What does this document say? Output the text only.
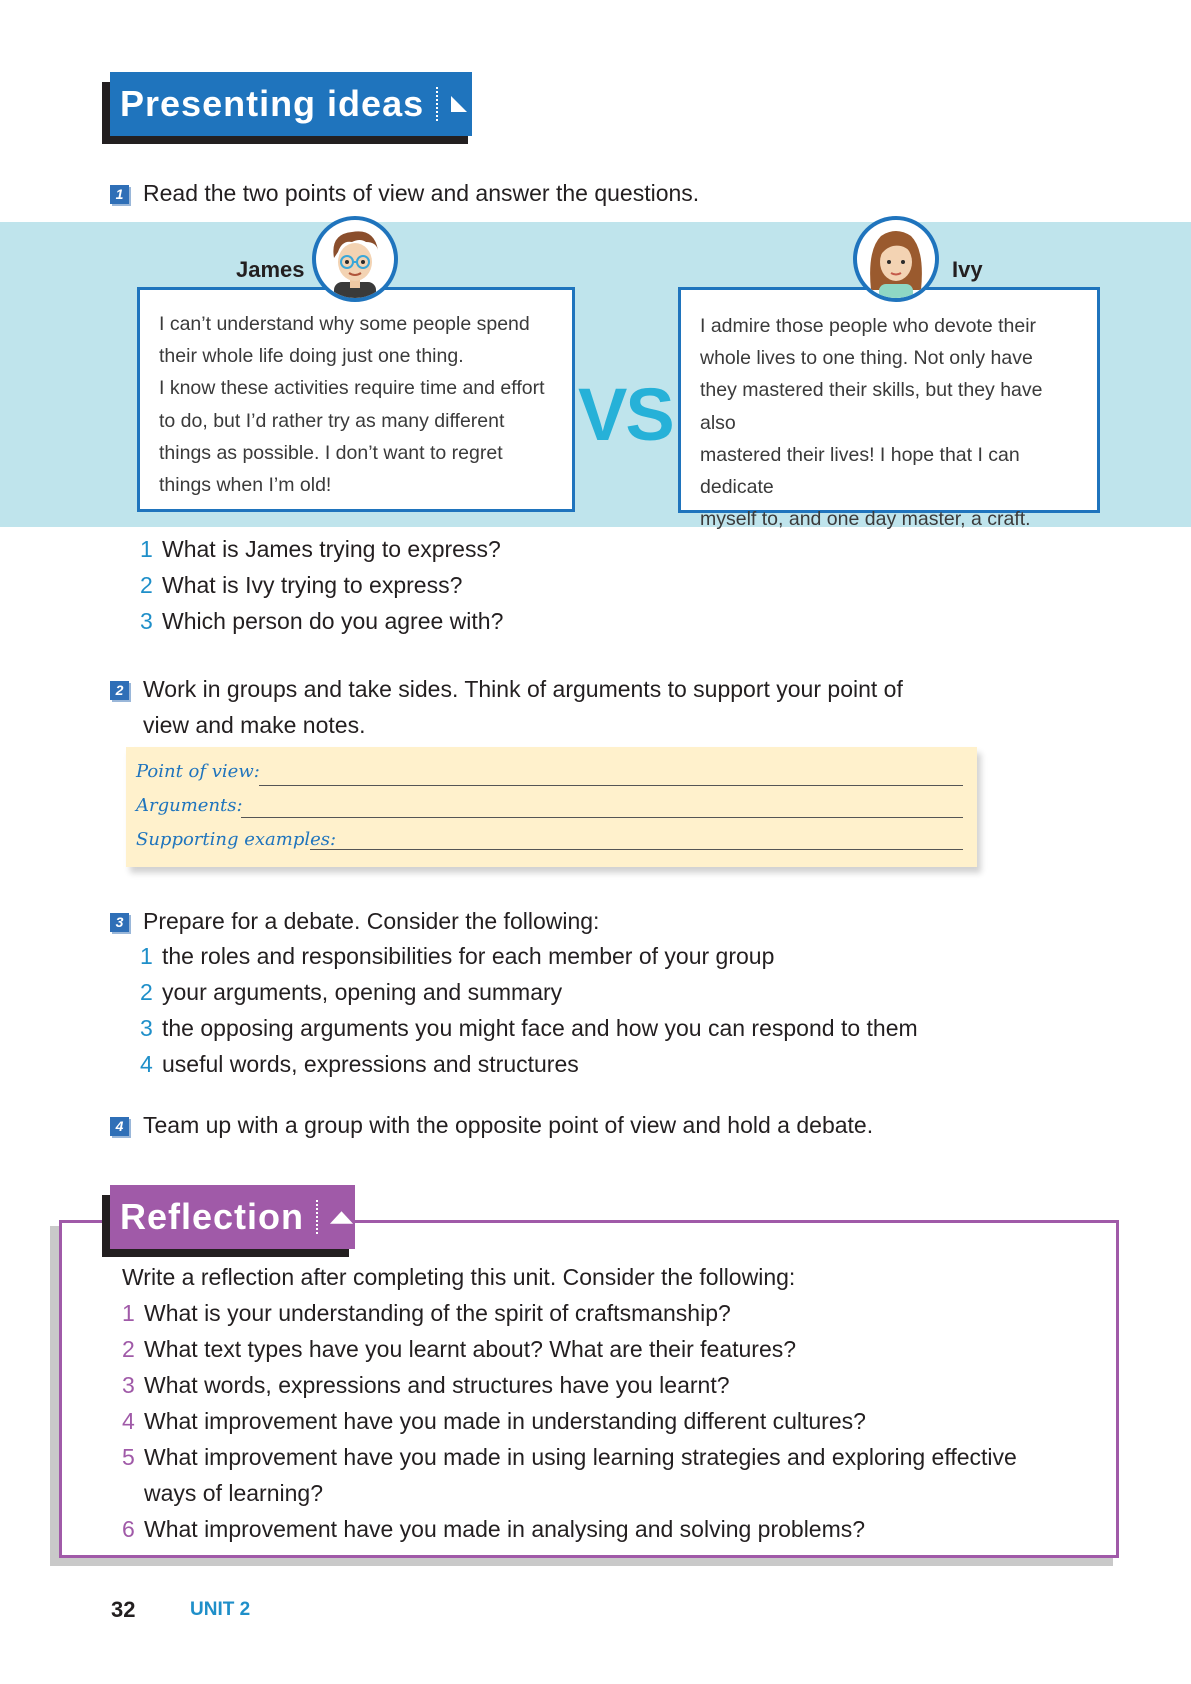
Presenting ideas
1 Read the two points of view and answer the questions.
James
I can’t understand why some people spend
their whole life doing just one thing.
I know these activities require time and effort
to do, but I’d rather try as many different
things as possible. I don’t want to regret
things when I’m old!
VS
Ivy
I admire those people who devote their
whole lives to one thing. Not only have
they mastered their skills, but they have also
mastered their lives! I hope that I can dedicate
myself to, and one day master, a craft.
1 What is James trying to express?
2 What is Ivy trying to express?
3 Which person do you agree with?
2 Work in groups and take sides. Think of arguments to support your point of
view and make notes.
Point of view:
Arguments:
Supporting examples:
3 Prepare for a debate. Consider the following:
1 the roles and responsibilities for each member of your group
2 your arguments, opening and summary
3 the opposing arguments you might face and how you can respond to them
4 useful words, expressions and structures
4 Team up with a group with the opposite point of view and hold a debate.
Reflection
Write a reflection after completing this unit. Consider the following:
1 What is your understanding of the spirit of craftsmanship?
2 What text types have you learnt about? What are their features?
3 What words, expressions and structures have you learnt?
4 What improvement have you made in understanding different cultures?
5 What improvement have you made in using learning strategies and exploring effective
ways of learning?
6 What improvement have you made in analysing and solving problems?
32	UNIT 2
